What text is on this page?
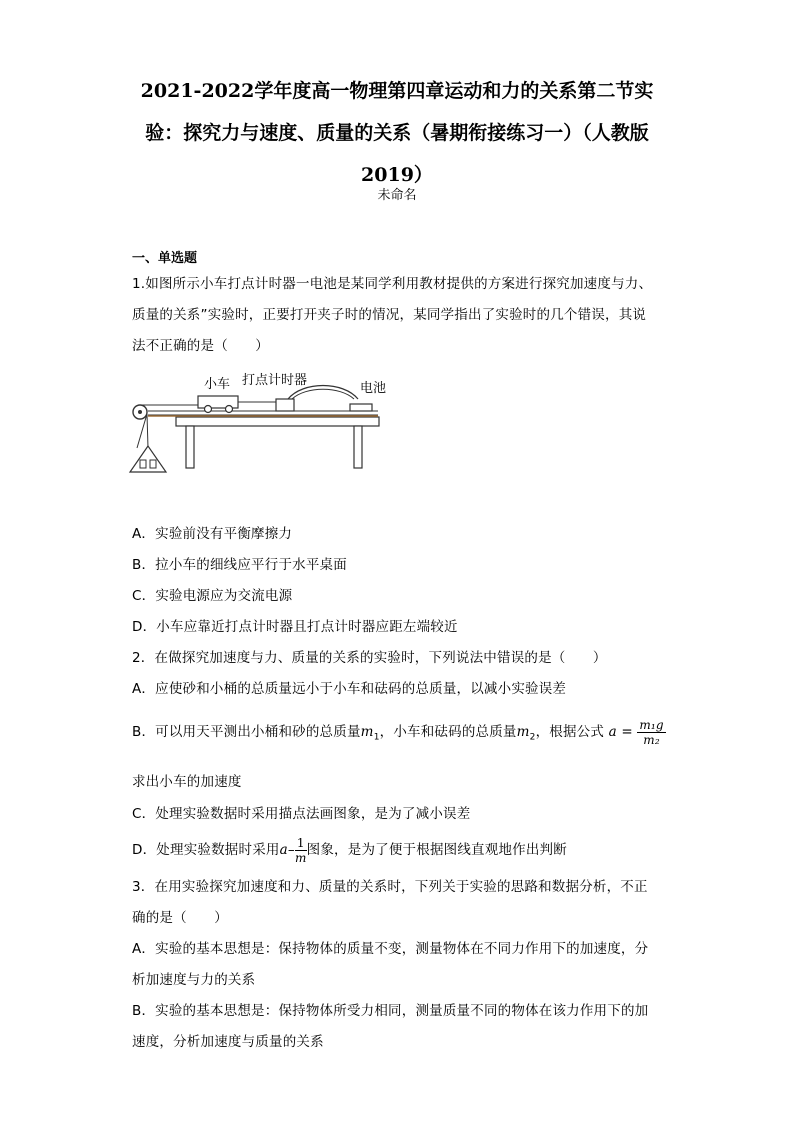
2021-2022学年度高一物理第四章运动和力的关系第二节实
验：探究力与速度、质量的关系（暑期衔接练习一）（人教版
2019）
未命名
一、单选题
1.如图所示小车打点计时器一电池是某同学利用教材提供的方案进行探究加速度与力、
质量的关系”实验时，正要打开夹子时的情况，某同学指出了实验时的几个错误，其说
法不正确的是（　　）
小车 打点计时器
电池
A．实验前没有平衡摩擦力
B．拉小车的细线应平行于水平桌面
C．实验电源应为交流电源
D．小车应靠近打点计时器且打点计时器应距左端较近
2．在做探究加速度与力、质量的关系的实验时，下列说法中错误的是（　　）
A．应使砂和小桶的总质量远小于小车和砝码的总质量，以减小实验误差
B．可以用天平测出小桶和砂的总质量$m_1$，小车和砝码的总质量$m_2$，根据公式 $a = \frac{\text{m₁g}}{\text{m₂}}$
求出小车的加速度
C．处理实验数据时采用描点法画图象，是为了减小误差
D．处理实验数据时采用$a- \frac{1}{m}$ 图象，是为了便于根据图线直观地作出判断
3．在用实验探究加速度和力、质量的关系时，下列关于实验的思路和数据分析，不正
确的是（　　）
A．实验的基本思想是：保持物体的质量不变，测量物体在不同力作用下的加速度，分
析加速度与力的关系
B．实验的基本思想是：保持物体所受力相同，测量质量不同的物体在该力作用下的加
速度，分析加速度与质量的关系
